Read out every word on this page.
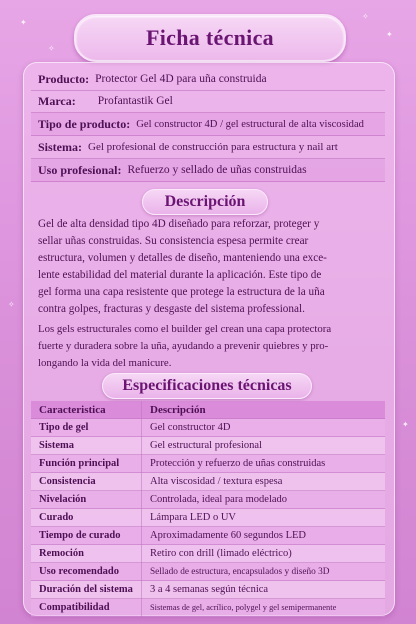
✦
✦
✧
✧
✧
✦
Ficha técnica
Producto: Protector Gel 4D para uña construida
Marca: Profantastik Gel
Tipo de producto: Gel constructor 4D / gel estructural de alta viscosidad
Sistema: Gel profesional de construcción para estructura y nail art
Uso profesional: Refuerzo y sellado de uñas construidas
Descripción
Gel de alta densidad tipo 4D diseñado para reforzar, proteger y
sellar uñas construidas. Su consistencia espesa permite crear
estructura, volumen y detalles de diseño, manteniendo una exce-
lente estabilidad del material durante la aplicación. Este tipo de
gel forma una capa resistente que protege la estructura de la uña
contra golpes, fracturas y desgaste del sistema professional.
Los gels estructurales como el builder gel crean una capa protectora
fuerte y duradera sobre la uña, ayudando a prevenir quiebres y pro-
longando la vida del manicure.
Especificaciones técnicas
Caracteristica	Descripción
Tipo de gel	Gel constructor 4D
Sistema	Gel estructural profesional
Función principal	Protección y refuerzo de uñas construidas
Consistencia	Alta viscosidad / textura espesa
Nivelación	Controlada, ideal para modelado
Curado	Lámpara LED o UV
Tiempo de curado	Aproximadamente 60 segundos LED
Remoción	Retiro con drill (limado eléctrico)
Uso recomendado	Sellado de estructura, encapsulados y diseño 3D
Duración del sistema	3 a 4 semanas según técnica
Compatibilidad	Sistemas de gel, acrílico, polygel y gel semipermanente
